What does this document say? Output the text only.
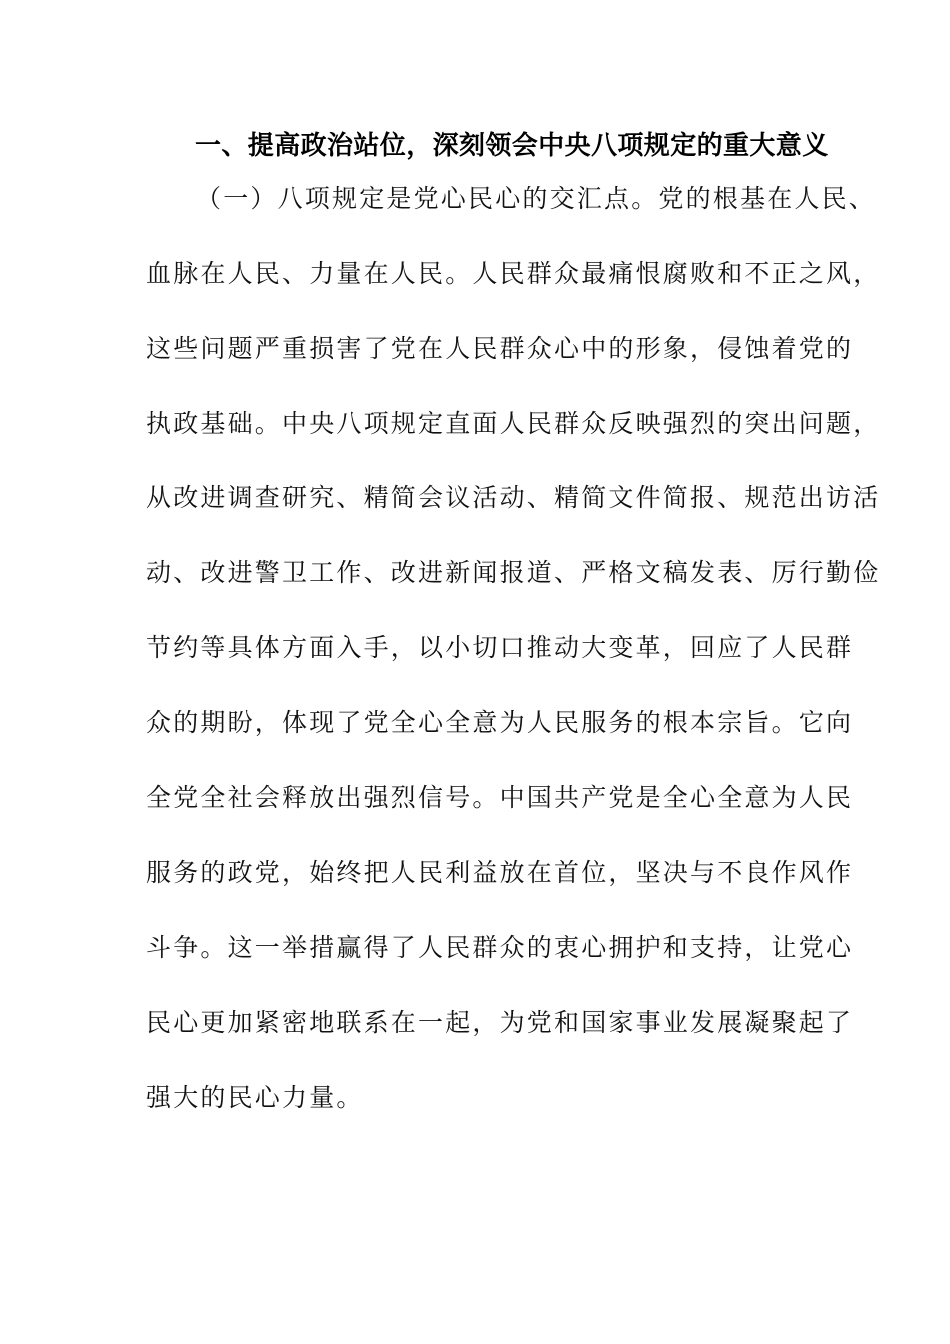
一、提高政治站位，深刻领会中央八项规定的重大意义

（一）八项规定是党心民心的交汇点。党的根基在人民、

血脉在人民、力量在人民。人民群众最痛恨腐败和不正之风，

这些问题严重损害了党在人民群众心中的形象，侵蚀着党的

执政基础。中央八项规定直面人民群众反映强烈的突出问题，

从改进调查研究、精简会议活动、精简文件简报、规范出访活

动、改进警卫工作、改进新闻报道、严格文稿发表、厉行勤俭

节约等具体方面入手，以小切口推动大变革，回应了人民群

众的期盼，体现了党全心全意为人民服务的根本宗旨。它向

全党全社会释放出强烈信号。中国共产党是全心全意为人民

服务的政党，始终把人民利益放在首位，坚决与不良作风作

斗争。这一举措赢得了人民群众的衷心拥护和支持，让党心

民心更加紧密地联系在一起，为党和国家事业发展凝聚起了

强大的民心力量。
